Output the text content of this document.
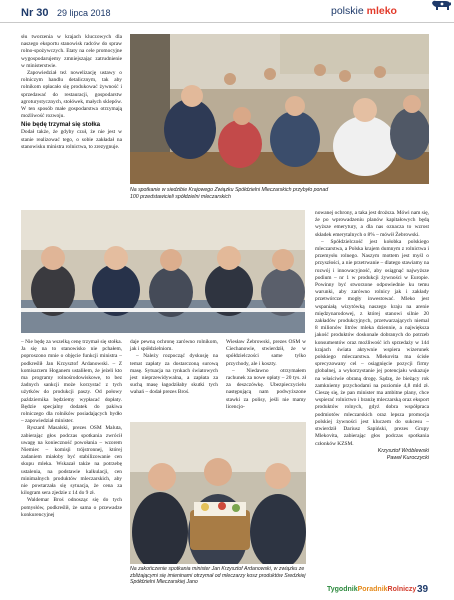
Nr 30 29 lipca 2018	polskie mleko

słu tworzenia w krajach kluczowych dla naszego eksportu stanowisk radców do spraw rolno-spożywczych. Etaty na cele promocyjne wygospodarujemy zmniejszając zatrudnienie w ministerstwie.

Zapowiedział też nowelizację ustawy o rolniczym handlu detalicznym, tak aby rolnikom opłacało się produkować żywność i sprzedawać do restauracji, gospodarstw agroturystycznych, stołówek, małych sklepów. W ten sposób małe gospodarstwa otrzymają możliwość rozwoju.

Nie będę trzymał się stołka

Dodał także, że gdyby czuł, że nie jest w stanie realizować tego, o sobie zakładał na stanowisku ministra rolnictwa, to zrezygnuje.

Na spotkanie w siedzibie Krajowego Związku Spółdzielni Mleczarskich przybyło ponad 100 przedstawicieli spółdzielni mleczarskich

– Nie będę za wszelką cenę trzymał się stołka. Ja się na to stanowisko nie pchałem, poproszono mnie o objęcie funkcji ministra – podkreślił Jan Krzysztof Ardanowski. – Z komisarzem Hoganem ustaliłem, że jeżeli kto ma programy rolnośrodowiskowe, to bez żadnych sankcji może korzystać z tych użytków do produkcji paszy. Od połowy października będziemy wypłacać dopłaty. Będzie specjalny dodatek do pakiwa rolniczego dla rolników posiadających bydło – zapowiedział minister.

Ryszard Masalski, prezes OSM Maluta, zabierając głos podczas spotkania zwrócił uwagę na konieczność powołania – wzorem Niemiec – komisji trójstronnej, której zadaniem miałoby być stabilizowanie cen skupu mleka. Wskazał także na potrzebę ustalenia, na podstawie kalkulacji, cen minimalnych produktów mleczarskich, aby nie powtarzała się sytuacja, że cena za kilogram sera zjedzie z 14 do 9 zł.

Waldemar Broś odnosząc się do tych pomysłów, podkreślił, że sama o przewadze konkurencyjnej

daje pewną ochronę zarówno rolnikom, jak i spółdzielniom.

– Należy rozpocząć dyskusję na temat zapłaty za dostarczoną surową masę. Sytuacja na rynkach światowych jest nieprzewidywalna, a zapłata za suchą masę łagodziłaby skutki tych wahań – dodał prezes Broś.

Wiesław Żebrowski, prezes OSM w Ciechanowie, stwierdził, że w spółdzielczości same tylko przychody, ale i koszty.

– Niedawno otrzymałem rachunek za nowe opłaty – 20 tys. zł za deszczówkę. Ubezpieczycielu następującą nam podwyższone stawki za polisy, jeśli nie mamy licencjo-

Na zakończenie spotkania minister Jan Krzysztof Ardanowski, w związku ze zbliżającymi się imieninami otrzymał od mleczarzy kosz produktów Sredzkiej Spółdzielni Mleczarskiej Jano

nowanej ochrony, a taka jest droższa. Mówi nam się, że po wprowadzeniu planów kapitałowych będą wyższe emerytury, a dla nas oznacza to wzrost składek emerytalnych o 8% – mówił Żebrowski.

– Spółdzielczość jest kołobka polskiego mleczarstwa, a Polska krajem dumnym z rolnictwa i przemysłu rolnego. Naszym mottem jest myśl o przyszłości, a nie przetrwanie – dlatego stawiamy na rozwój i innowacyjność, aby osiągnąć najwyższe podium – nr 1 w produkcji żywności w Europie. Powinny być stworzone odpowiednie ku temu warunki, aby zarówno rolnicy jak i zakłady przetwórcze mogły inwestować. Mleko jest wspaniałą wizytówką naszego kraju na arenie międzynarodowej, z której stanowi silnie 20 zakładów produkcyjnych, przetwarzających niemal 8 milionów litrów mleka dziennie, a największa jakość produktów doskonale dobranych do potrzeb konsumentów oraz możliwość ich sprzedaży w 144 krajach świata aktywnie wspiera wizerunek polskiego mleczarstwa. Mlekovita ma ścisłe sprecyzowany cel – osiągnięcie pozycji firmy globalnej, a wykorzystanie jej potencjału wskazuje na właściwie obraną drogę. Sądzę, że bieżący rok zamkniemy przychodami na poziomie 4,8 mld zł. Cieszę się, że pan minister ma ambitne plany, chce wspierać rolnictwo i branżę mleczarską oraz eksport produktów rolnych, gdyż dobra współpraca podmiotów mleczarskich oraz lepsza promocja polskiej żywności jest kluczem do sukcesu – stwierdził Dariusz Sapiński, prezes Grupy Mlekovita, zabierając głos podczas spotkania członków KZSM.

Krzysztof Wróblewski
Paweł Kuroczycki
TygodnikPoradnikRolniczy 39
